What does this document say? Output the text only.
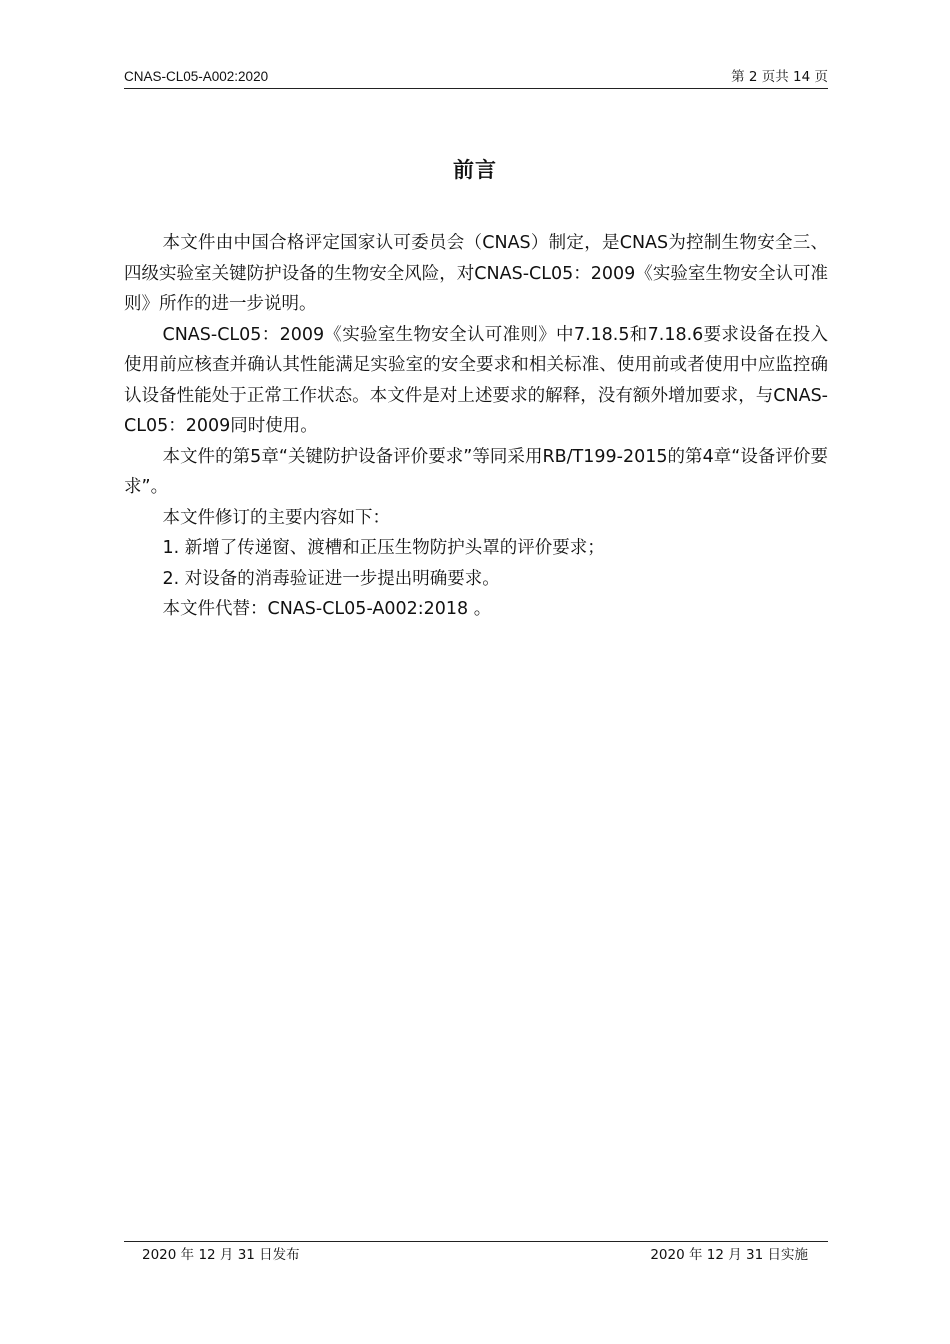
CNAS-CL05-A002:2020	第 2 页共 14 页
前言

本文件由中国合格评定国家认可委员会（CNAS）制定，是CNAS为控制生物安全三、四级实验室关键防护设备的生物安全风险，对CNAS-CL05：2009《实验室生物安全认可准则》所作的进一步说明。

CNAS-CL05：2009《实验室生物安全认可准则》中7.18.5和7.18.6要求设备在投入使用前应核查并确认其性能满足实验室的安全要求和相关标准、使用前或者使用中应监控确认设备性能处于正常工作状态。本文件是对上述要求的解释，没有额外增加要求，与CNAS-CL05：2009同时使用。

本文件的第5章“关键防护设备评价要求”等同采用RB/T199-2015的第4章“设备评价要求”。

本文件修订的主要内容如下：

1. 新增了传递窗、渡槽和正压生物防护头罩的评价要求；

2. 对设备的消毒验证进一步提出明确要求。

本文件代替：CNAS-CL05-A002:2018 。

2020 年 12 月 31 日发布	2020 年 12 月 31 日实施
